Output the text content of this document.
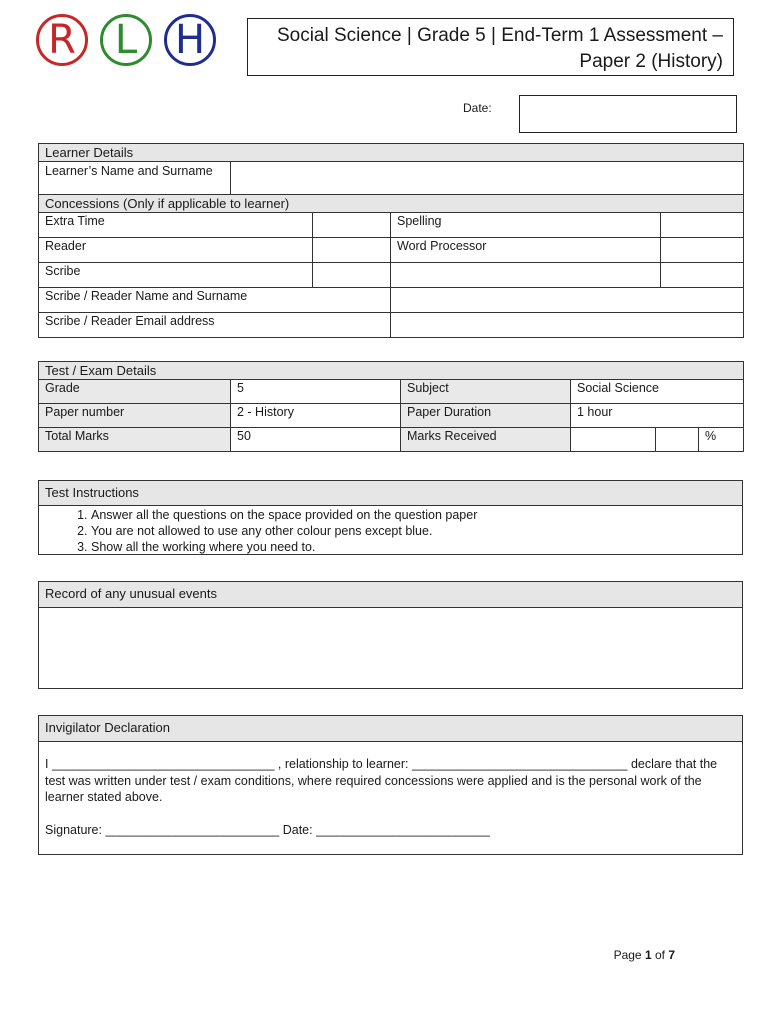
R L H	Social Science | Grade 5 | End-Term 1 Assessment –
Paper 2 (History)
Date:
Learner Details				
Learner’s Name and Surname				
Concessions (Only if applicable to learner)				
Extra Time			Spelling	
Reader			Word Processor	
Scribe				
Scribe / Reader Name and Surname				
Scribe / Reader Email address				
Test / Exam Details					
Grade	5	Subject	Social Science		
Paper number	2 - History	Paper Duration	1 hour		
Total Marks	50	Marks Received			%
Test Instructions
1. Answer all the questions on the space provided on the question paper
2. You are not allowed to use any other colour pens except blue.
3. Show all the working where you need to.
Record of any unusual events
Invigilator Declaration
I ________________________________ , relationship to learner: _______________________________ declare that the test was written under test / exam conditions, where required concessions were applied and is the personal work of the learner stated above.
Signature: _________________________ Date: _________________________
Page 1 of 7
